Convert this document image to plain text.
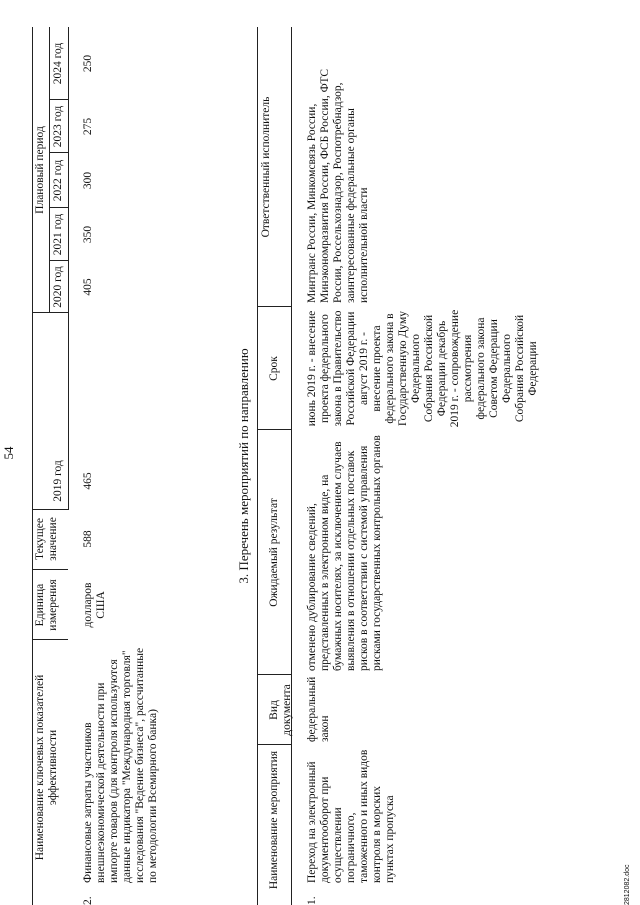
54
Наименование ключевых показателей эффективности
Единица измерения
Текущее значение
Плановый период
2019 год
2020 год
2021 год
2022 год
2023 год
2024 год
2.
Финансовые затраты участников внешнеэкономической деятельности при импорте товаров (для контроля используются данные индикатора "Международная торговля" исследования "Ведение бизнеса", рассчитанные по методологии Всемирного банка)
долларов США
588
465
405
350
300
275
250
3. Перечень мероприятий по направлению
Наименование мероприятия
Вид документа
Ожидаемый результат
Срок
Ответственный исполнитель
1.
Переход на электронный документооборот при осуществлении пограничного, таможенного и иных видов контроля в морских пунктах пропуска
федеральный закон
отменено дублирование сведений, представленных в электронном виде, на бумажных носителях, за исключением случаев выявления в отношении отдельных поставок рисков в соответствии с системой управления рисками государственных контрольных органов
июнь 2019 г. - внесение проекта федерального закона в Правительство Российской Федерации август 2019 г. - внесение проекта федерального закона в Государственную Думу Федерального Собрания Российской Федерации декабрь 2019 г. - сопровождение рассмотрения федерального закона Советом Федерации Федерального Собрания Российской Федерации
Минтранс России, Минкомсвязь России, Минэкономразвития России, ФСБ России, ФТС России, Россельхознадзор, Роспотребнадзор, заинтересованные федеральные органы исполнительной власти
2812082.doc
